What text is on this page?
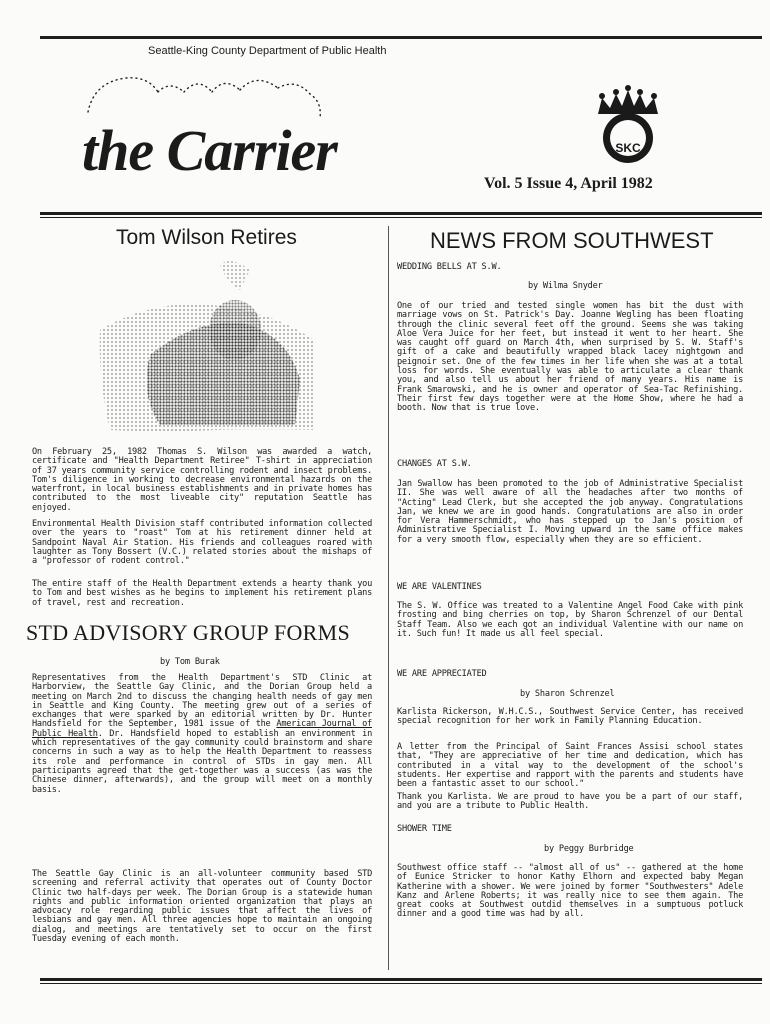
Seattle-King County Department of Public Health
the Carrier
Vol. 5 Issue 4, April 1982
SKC
Tom Wilson Retires
On February 25, 1982 Thomas S. Wilson was awarded a watch, certificate and "Health Department Retiree" T-shirt in appreciation of 37 years community service controlling rodent and insect problems. Tom's diligence in working to decrease environmental hazards on the waterfront, in local business establishments and in private homes has contributed to the most liveable city" reputation Seattle has enjoyed.
Environmental Health Division staff contributed information collected over the years to "roast" Tom at his retirement dinner held at Sandpoint Naval Air Station. His friends and colleagues roared with laughter as Tony Bossert (V.C.) related stories about the mishaps of a "professor of rodent control."
The entire staff of the Health Department extends a hearty thank you to Tom and best wishes as he begins to implement his retirement plans of travel, rest and recreation.
STD ADVISORY GROUP FORMS
by Tom Burak
Representatives from the Health Department's STD Clinic at Harborview, the Seattle Gay Clinic, and the Dorian Group held a meeting on March 2nd to discuss the changing health needs of gay men in Seattle and King County. The meeting grew out of a series of exchanges that were sparked by an editorial written by Dr. Hunter Handsfield for the September, 1981 issue of the American Journal of Public Health. Dr. Handsfield hoped to establish an environment in which representatives of the gay community could brainstorm and share concerns in such a way as to help the Health Department to reassess its role and performance in control of STDs in gay men. All participants agreed that the get-together was a success (as was the Chinese dinner, afterwards), and the group will meet on a monthly basis.
The Seattle Gay Clinic is an all-volunteer community based STD screening and referral activity that operates out of County Doctor Clinic two half-days per week. The Dorian Group is a statewide human rights and public information oriented organization that plays an advocacy role regarding public issues that affect the lives of lesbians and gay men. All three agencies hope to maintain an ongoing dialog, and meetings are tentatively set to occur on the first Tuesday evening of each month.
NEWS FROM SOUTHWEST
WEDDING BELLS AT S.W.
by Wilma Snyder
One of our tried and tested single women has bit the dust with marriage vows on St. Patrick's Day. Joanne Wegling has been floating through the clinic several feet off the ground. Seems she was taking Aloe Vera Juice for her feet, but instead it went to her heart. She was caught off guard on March 4th, when surprised by S. W. Staff's gift of a cake and beautifully wrapped black lacey nightgown and peignoir set. One of the few times in her life when she was at a total loss for words. She eventually was able to articulate a clear thank you, and also tell us about her friend of many years. His name is Frank Smarowski, and he is owner and operator of Sea-Tac Refinishing. Their first few days together were at the Home Show, where he had a booth. Now that is true love.
CHANGES AT S.W.
Jan Swallow has been promoted to the job of Administrative Specialist II. She was well aware of all the headaches after two months of "Acting" Lead Clerk, but she accepted the job anyway. Congratulations Jan, we knew we are in good hands. Congratulations are also in order for Vera Hammerschmidt, who has stepped up to Jan's position of Administrative Specialist I. Moving upward in the same office makes for a very smooth flow, especially when they are so efficient.
WE ARE VALENTINES
The S. W. Office was treated to a Valentine Angel Food Cake with pink frosting and bing cherries on top, by Sharon Schrenzel of our Dental Staff Team. Also we each got an individual Valentine with our name on it. Such fun! It made us all feel special.
WE ARE APPRECIATED
by Sharon Schrenzel
Karlista Rickerson, W.H.C.S., Southwest Service Center, has received special recognition for her work in Family Planning Education.
A letter from the Principal of Saint Frances Assisi school states that, "They are appreciative of her time and dedication, which has contributed in a vital way to the development of the school's students. Her expertise and rapport with the parents and students have been a fantastic asset to our school."
Thank you Karlista. We are proud to have you be a part of our staff, and you are a tribute to Public Health.
SHOWER TIME
by Peggy Burbridge
Southwest office staff -- "almost all of us" -- gathered at the home of Eunice Stricker to honor Kathy Elhorn and expected baby Megan Katherine with a shower. We were joined by former "Southwesters" Adele Kanz and Arlene Roberts; it was really nice to see them again. The great cooks at Southwest outdid themselves in a sumptuous potluck dinner and a good time was had by all.
